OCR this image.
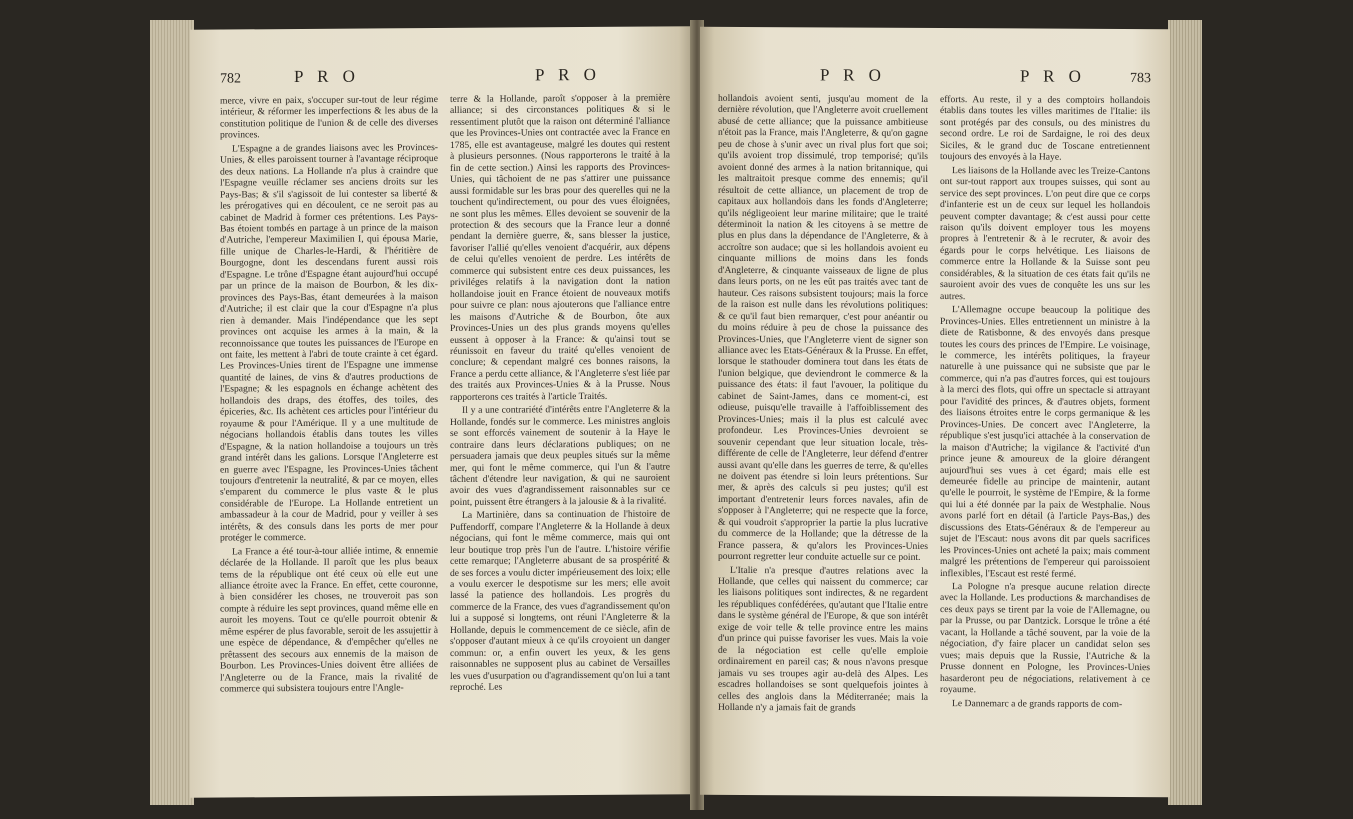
782	P R O	P R O

merce, vivre en paix, s'occuper sur-tout de leur régime intérieur, & réformer les imperfections & les abus de la constitution politique de l'union & de celle des diverses provinces.

L'Espagne a de grandes liaisons avec les Provinces-Unies, & elles paroissent tourner à l'avantage réciproque des deux nations. La Hollande n'a plus à craindre que l'Espagne veuille réclamer ses anciens droits sur les Pays-Bas; & s'il s'agissoit de lui contester sa liberté & les prérogatives qui en découlent, ce ne seroit pas au cabinet de Madrid à former ces prétentions. Les Pays-Bas étoient tombés en partage à un prince de la maison d'Autriche, l'empereur Maximilien I, qui épousa Marie, fille unique de Charles-le-Hardi, & l'héritière de Bourgogne, dont les descendans furent aussi rois d'Espagne. Le trône d'Espagne étant aujourd'hui occupé par un prince de la maison de Bourbon, & les dix-provinces des Pays-Bas, étant demeurées à la maison d'Autriche; il est clair que la cour d'Espagne n'a plus rien à demander. Mais l'indépendance que les sept provinces ont acquise les armes à la main, & la reconnoissance que toutes les puissances de l'Europe en ont faite, les mettent à l'abri de toute crainte à cet égard. Les Provinces-Unies tirent de l'Espagne une immense quantité de laines, de vins & d'autres productions de l'Espagne; & les espagnols en échange achètent des hollandois des draps, des étoffes, des toiles, des épiceries, &c. Ils achètent ces articles pour l'intérieur du royaume & pour l'Amérique. Il y a une multitude de négocians hollandois établis dans toutes les villes d'Espagne, & la nation hollandoise a toujours un très grand intérêt dans les galions. Lorsque l'Angleterre est en guerre avec l'Espagne, les Provinces-Unies tâchent toujours d'entretenir la neutralité, & par ce moyen, elles s'emparent du commerce le plus vaste & le plus considérable de l'Europe. La Hollande entretient un ambassadeur à la cour de Madrid, pour y veiller à ses intérêts, & des consuls dans les ports de mer pour protéger le commerce.

La France a été tour-à-tour alliée intime, & ennemie déclarée de la Hollande. Il paroît que les plus beaux tems de la république ont été ceux où elle eut une alliance étroite avec la France. En effet, cette couronne, à bien considérer les choses, ne trouveroit pas son compte à réduire les sept provinces, quand même elle en auroit les moyens. Tout ce qu'elle pourroit obtenir & même espérer de plus favorable, seroit de les assujettir à une espèce de dépendance, & d'empêcher qu'elles ne prêtassent des secours aux ennemis de la maison de Bourbon. Les Provinces-Unies doivent être alliées de l'Angleterre ou de la France, mais la rivalité de commerce qui subsistera toujours entre l'Angle-

terre & la Hollande, paroît s'opposer à la première alliance; si des circonstances politiques & si le ressentiment plutôt que la raison ont déterminé l'alliance que les Provinces-Unies ont contractée avec la France en 1785, elle est avantageuse, malgré les doutes qui restent à plusieurs personnes. (Nous rapporterons le traité à la fin de cette section.) Ainsi les rapports des Provinces-Unies, qui tâchoient de ne pas s'attirer une puissance aussi formidable sur les bras pour des querelles qui ne la touchent qu'indirectement, ou pour des vues éloignées, ne sont plus les mêmes. Elles devoient se souvenir de la protection & des secours que la France leur a donné pendant la dernière guerre, &, sans blesser la justice, favoriser l'allié qu'elles venoient d'acquérir, aux dépens de celui qu'elles venoient de perdre. Les intérêts de commerce qui subsistent entre ces deux puissances, les priviléges relatifs à la navigation dont la nation hollandoise jouit en France étoient de nouveaux motifs pour suivre ce plan: nous ajouterons que l'alliance entre les maisons d'Autriche & de Bourbon, ôte aux Provinces-Unies un des plus grands moyens qu'elles eussent à opposer à la France: & qu'ainsi tout se réunissoit en faveur du traité qu'elles venoient de conclure; & cependant malgré ces bonnes raisons, la France a perdu cette alliance, & l'Angleterre s'est liée par des traités aux Provinces-Unies & à la Prusse. Nous rapporterons ces traités à l'article Traités.

Il y a une contrariété d'intérêts entre l'Angleterre & la Hollande, fondés sur le commerce. Les ministres anglois se sont efforcés vainement de soutenir à la Haye le contraire dans leurs déclarations publiques; on ne persuadera jamais que deux peuples situés sur la même mer, qui font le même commerce, qui l'un & l'autre tâchent d'étendre leur navigation, & qui ne sauroient avoir des vues d'agrandissement raisonnables sur ce point, puissent être étrangers à la jalousie & à la rivalité.

La Martinière, dans sa continuation de l'histoire de Puffendorff, compare l'Angleterre & la Hollande à deux négocians, qui font le même commerce, mais qui ont leur boutique trop près l'un de l'autre. L'histoire vérifie cette remarque; l'Angleterre abusant de sa prospérité & de ses forces a voulu dicter impérieusement des loix; elle a voulu exercer le despotisme sur les mers; elle avoit lassé la patience des hollandois. Les progrès du commerce de la France, des vues d'agrandissement qu'on lui a supposé si longtems, ont réuni l'Angleterre & la Hollande, depuis le commencement de ce siècle, afin de s'opposer d'autant mieux à ce qu'ils croyoient un danger commun: or, a enfin ouvert les yeux, & les gens raisonnables ne supposent plus au cabinet de Versailles les vues d'usurpation ou d'agrandissement qu'on lui a tant reproché. Les

P R O	P R O	783

hollandois avoient senti, jusqu'au moment de la dernière révolution, que l'Angleterre avoit cruellement abusé de cette alliance; que la puissance ambitieuse n'étoit pas la France, mais l'Angleterre, & qu'on gagne peu de chose à s'unir avec un rival plus fort que soi; qu'ils avoient trop dissimulé, trop temporisé; qu'ils avoient donné des armes à la nation britannique, qui les maltraitoit presque comme des ennemis; qu'il résultoit de cette alliance, un placement de trop de capitaux aux hollandois dans les fonds d'Angleterre; qu'ils négligeoient leur marine militaire; que le traité déterminoit la nation & les citoyens à se mettre de plus en plus dans la dépendance de l'Angleterre, & à accroître son audace; que si les hollandois avoient eu cinquante millions de moins dans les fonds d'Angleterre, & cinquante vaisseaux de ligne de plus dans leurs ports, on ne les eût pas traités avec tant de hauteur. Ces raisons subsistent toujours; mais la force de la raison est nulle dans les révolutions politiques: & ce qu'il faut bien remarquer, c'est pour anéantir ou du moins réduire à peu de chose la puissance des Provinces-Unies, que l'Angleterre vient de signer son alliance avec les Etats-Généraux & la Prusse. En effet, lorsque le stathouder dominera tout dans les états de l'union belgique, que deviendront le commerce & la puissance des états: il faut l'avouer, la politique du cabinet de Saint-James, dans ce moment-ci, est odieuse, puisqu'elle travaille à l'affoiblissement des Provinces-Unies; mais il la plus est calculé avec profondeur. Les Provinces-Unies devroient se souvenir cependant que leur situation locale, très-différente de celle de l'Angleterre, leur défend d'entrer aussi avant qu'elle dans les guerres de terre, & qu'elles ne doivent pas étendre si loin leurs prétentions. Sur mer, & après des calculs si peu justes; qu'il est important d'entretenir leurs forces navales, afin de s'opposer à l'Angleterre; qui ne respecte que la force, & qui voudroit s'approprier la partie la plus lucrative du commerce de la Hollande; que la détresse de la France passera, & qu'alors les Provinces-Unies pourront regretter leur conduite actuelle sur ce point.

L'Italie n'a presque d'autres relations avec la Hollande, que celles qui naissent du commerce; car les liaisons politiques sont indirectes, & ne regardent les républiques confédérées, qu'autant que l'Italie entre dans le système général de l'Europe, & que son intérêt exige de voir telle & telle province entre les mains d'un prince qui puisse favoriser les vues. Mais la voie de la négociation est celle qu'elle emploie ordinairement en pareil cas; & nous n'avons presque jamais vu ses troupes agir au-delà des Alpes. Les escadres hollandoises se sont quelquefois jointes à celles des anglois dans la Méditerranée; mais la Hollande n'y a jamais fait de grands

efforts. Au reste, il y a des comptoirs hollandois établis dans toutes les villes maritimes de l'Italie: ils sont protégés par des consuls, ou des ministres du second ordre. Le roi de Sardaigne, le roi des deux Siciles, & le grand duc de Toscane entretiennent toujours des envoyés à la Haye.

Les liaisons de la Hollande avec les Treize-Cantons ont sur-tout rapport aux troupes suisses, qui sont au service des sept provinces. L'on peut dire que ce corps d'infanterie est un de ceux sur lequel les hollandois peuvent compter davantage; & c'est aussi pour cette raison qu'ils doivent employer tous les moyens propres à l'entretenir & à le recruter, & avoir des égards pour le corps helvétique. Les liaisons de commerce entre la Hollande & la Suisse sont peu considérables, & la situation de ces états fait qu'ils ne sauroient avoir des vues de conquête les uns sur les autres.

L'Allemagne occupe beaucoup la politique des Provinces-Unies. Elles entretiennent un ministre à la diete de Ratisbonne, & des envoyés dans presque toutes les cours des princes de l'Empire. Le voisinage, le commerce, les intérêts politiques, la frayeur naturelle à une puissance qui ne subsiste que par le commerce, qui n'a pas d'autres forces, qui est toujours à la merci des flots, qui offre un spectacle si attrayant pour l'avidité des princes, & d'autres objets, forment des liaisons étroites entre le corps germanique & les Provinces-Unies. De concert avec l'Angleterre, la république s'est jusqu'ici attachée à la conservation de la maison d'Autriche; la vigilance & l'activité d'un prince jeune & amoureux de la gloire dérangent aujourd'hui ses vues à cet égard; mais elle est demeurée fidelle au principe de maintenir, autant qu'elle le pourroit, le système de l'Empire, & la forme qui lui a été donnée par la paix de Westphalie. Nous avons parlé fort en détail (à l'article Pays-Bas,) des discussions des Etats-Généraux & de l'empereur au sujet de l'Escaut: nous avons dit par quels sacrifices les Provinces-Unies ont acheté la paix; mais comment malgré les prétentions de l'empereur qui paroissoient inflexibles, l'Escaut est resté fermé.

La Pologne n'a presque aucune relation directe avec la Hollande. Les productions & marchandises de ces deux pays se tirent par la voie de l'Allemagne, ou par la Prusse, ou par Dantzick. Lorsque le trône a été vacant, la Hollande a tâché souvent, par la voie de la négociation, d'y faire placer un candidat selon ses vues; mais depuis que la Russie, l'Autriche & la Prusse donnent en Pologne, les Provinces-Unies hasarderont peu de négociations, relativement à ce royaume.

Le Dannemarc a de grands rapports de com-
